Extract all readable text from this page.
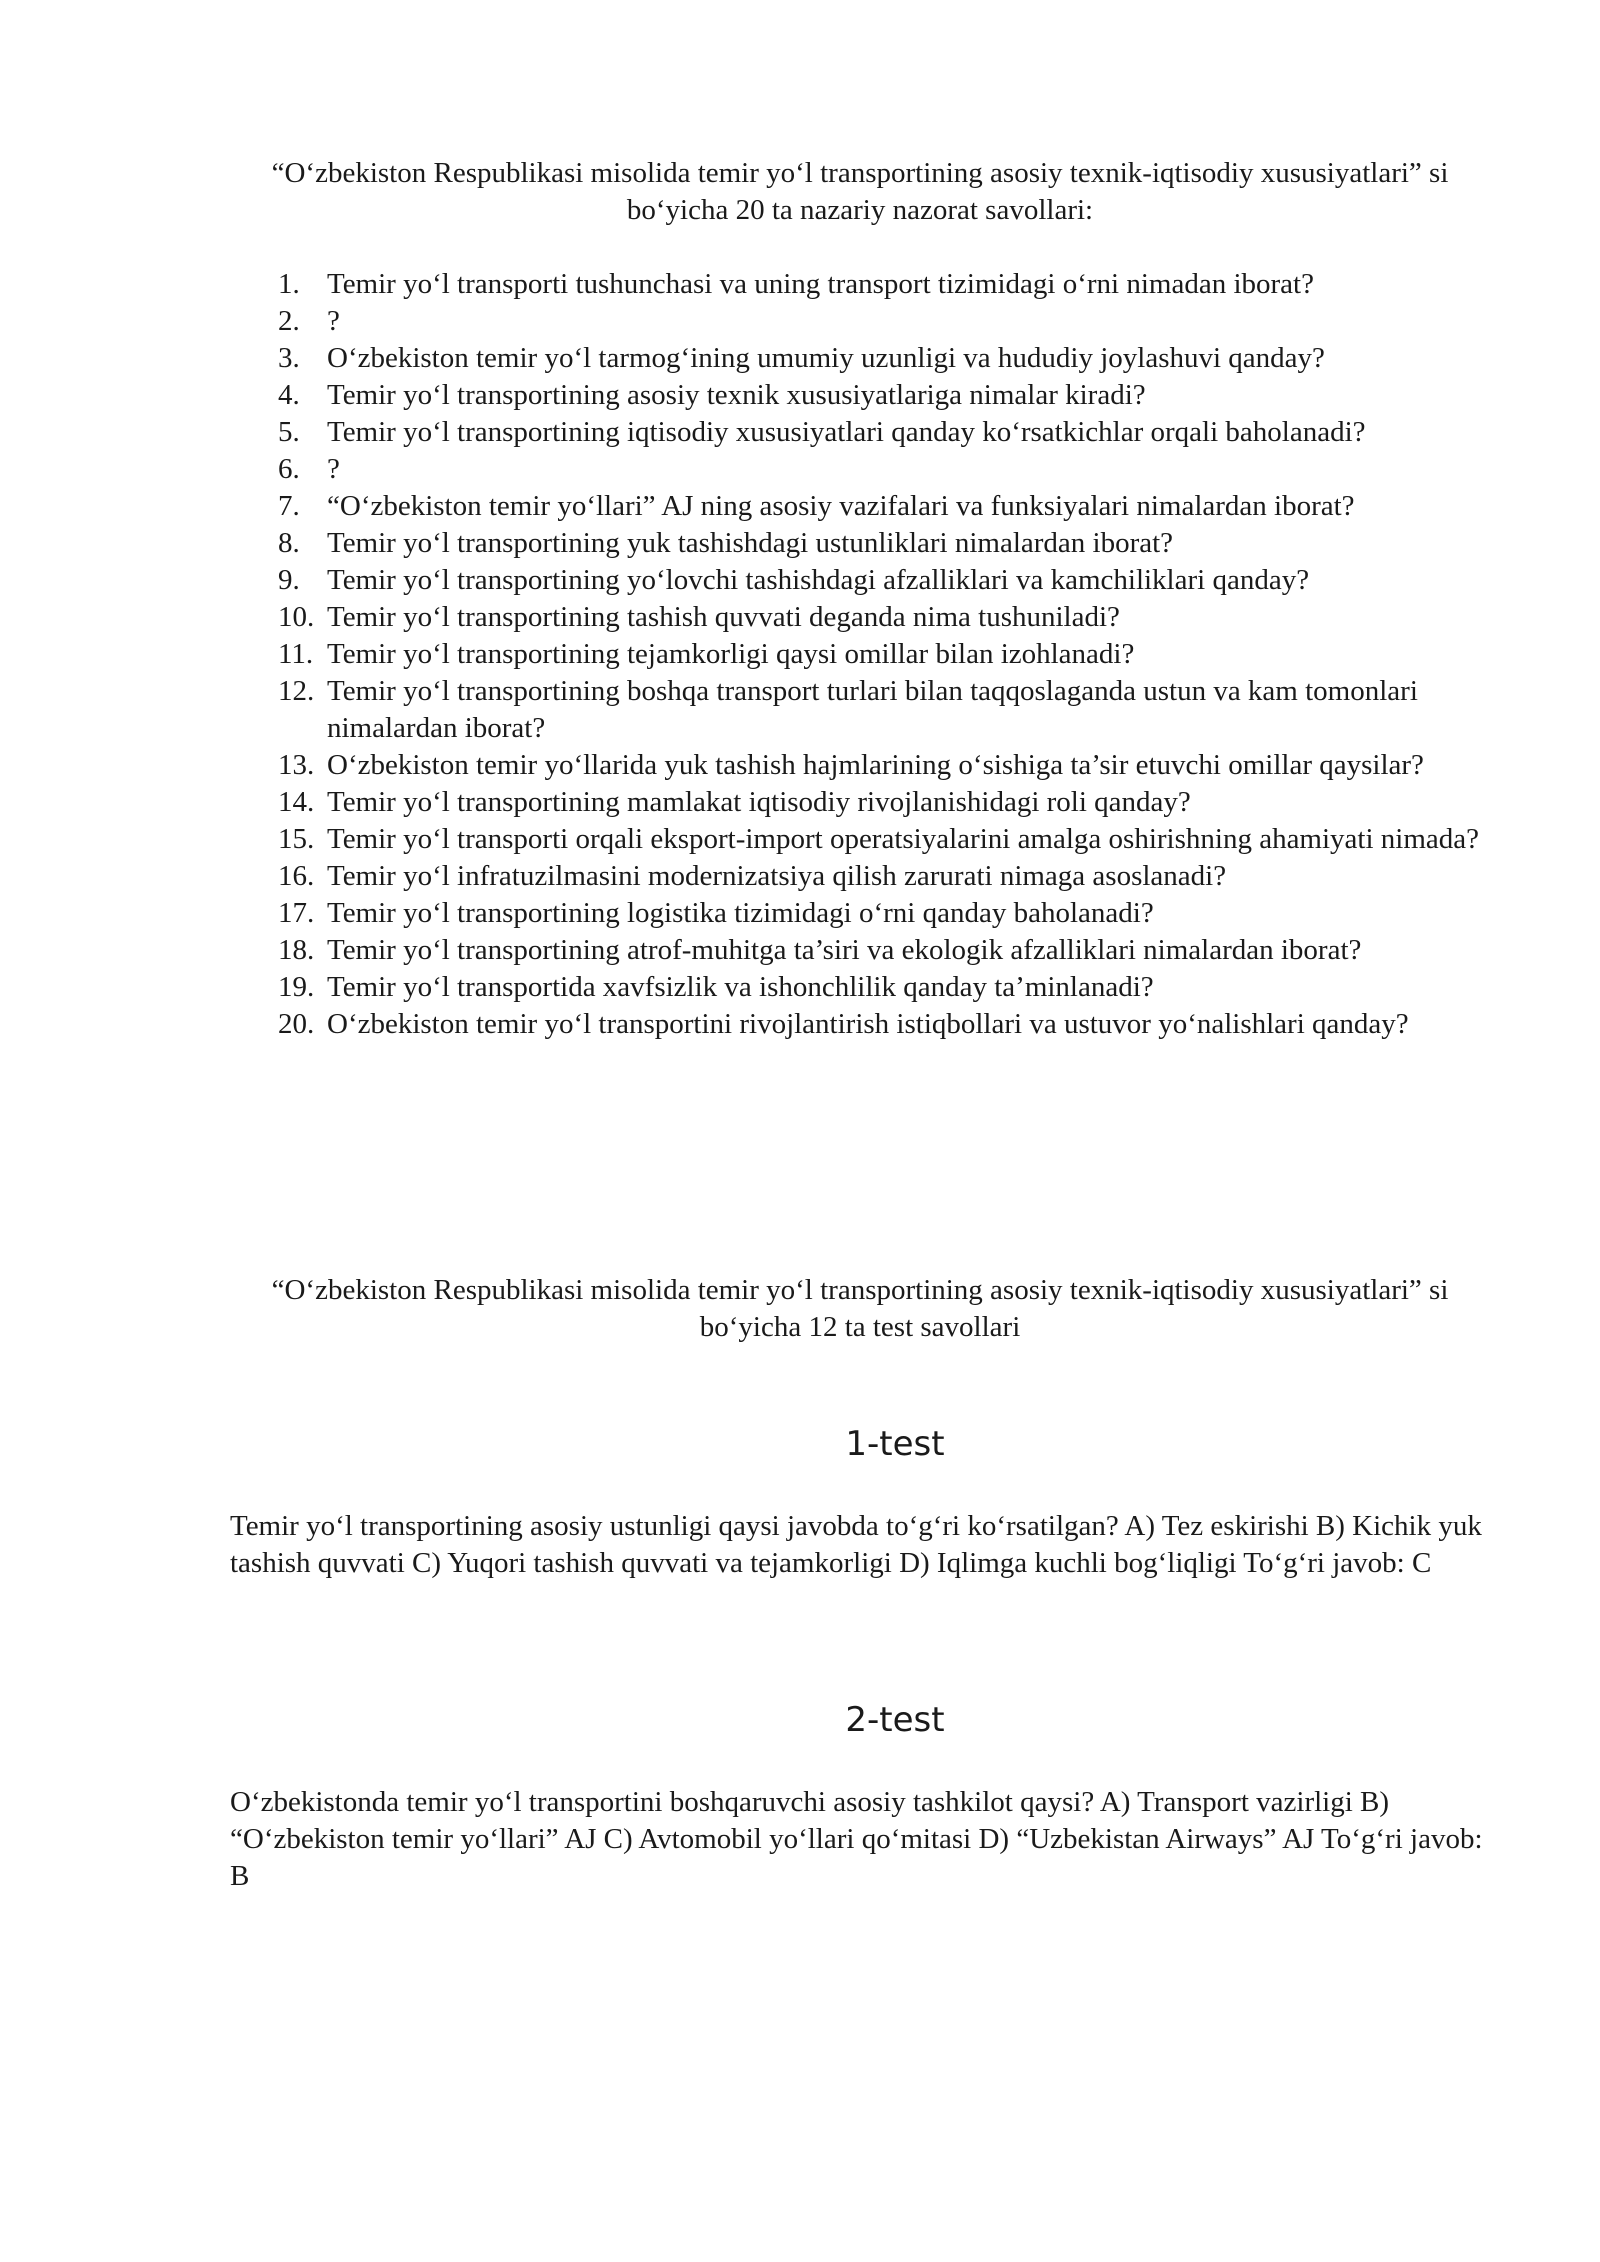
“O‘zbekiston Respublikasi misolida temir yo‘l transportining asosiy texnik-iqtisodiy xususiyatlari” si bo‘yicha 20 ta nazariy nazorat savollari:
1. Temir yo‘l transporti tushunchasi va uning transport tizimidagi o‘rni nimadan iborat?
2. ?
3. O‘zbekiston temir yo‘l tarmog‘ining umumiy uzunligi va hududiy joylashuvi qanday?
4. Temir yo‘l transportining asosiy texnik xususiyatlariga nimalar kiradi?
5. Temir yo‘l transportining iqtisodiy xususiyatlari qanday ko‘rsatkichlar orqali baholanadi?
6. ?
7. “O‘zbekiston temir yo‘llari” AJ ning asosiy vazifalari va funksiyalari nimalardan iborat?
8. Temir yo‘l transportining yuk tashishdagi ustunliklari nimalardan iborat?
9. Temir yo‘l transportining yo‘lovchi tashishdagi afzalliklari va kamchiliklari qanday?
10. Temir yo‘l transportining tashish quvvati deganda nima tushuniladi?
11. Temir yo‘l transportining tejamkorligi qaysi omillar bilan izohlanadi?
12. Temir yo‘l transportining boshqa transport turlari bilan taqqoslaganda ustun va kam tomonlari nimalardan iborat?
13. O‘zbekiston temir yo‘llarida yuk tashish hajmlarining o‘sishiga ta’sir etuvchi omillar qaysilar?
14. Temir yo‘l transportining mamlakat iqtisodiy rivojlanishidagi roli qanday?
15. Temir yo‘l transporti orqali eksport-import operatsiyalarini amalga oshirishning ahamiyati nimada?
16. Temir yo‘l infratuzilmasini modernizatsiya qilish zarurati nimaga asoslanadi?
17. Temir yo‘l transportining logistika tizimidagi o‘rni qanday baholanadi?
18. Temir yo‘l transportining atrof-muhitga ta’siri va ekologik afzalliklari nimalardan iborat?
19. Temir yo‘l transportida xavfsizlik va ishonchlilik qanday ta’minlanadi?
20. O‘zbekiston temir yo‘l transportini rivojlantirish istiqbollari va ustuvor yo‘nalishlari qanday?
“O‘zbekiston Respublikasi misolida temir yo‘l transportining asosiy texnik-iqtisodiy xususiyatlari” si bo‘yicha 12 ta test savollari
1-test
Temir yo‘l transportining asosiy ustunligi qaysi javobda to‘g‘ri ko‘rsatilgan? A) Tez eskirishi B) Kichik yuk tashish quvvati C) Yuqori tashish quvvati va tejamkorligi D) Iqlimga kuchli bog‘liqligi To‘g‘ri javob: C
2-test
O‘zbekistonda temir yo‘l transportini boshqaruvchi asosiy tashkilot qaysi? A) Transport vazirligi B) “O‘zbekiston temir yo‘llari” AJ C) Avtomobil yo‘llari qo‘mitasi D) “Uzbekistan Airways” AJ To‘g‘ri javob: B
